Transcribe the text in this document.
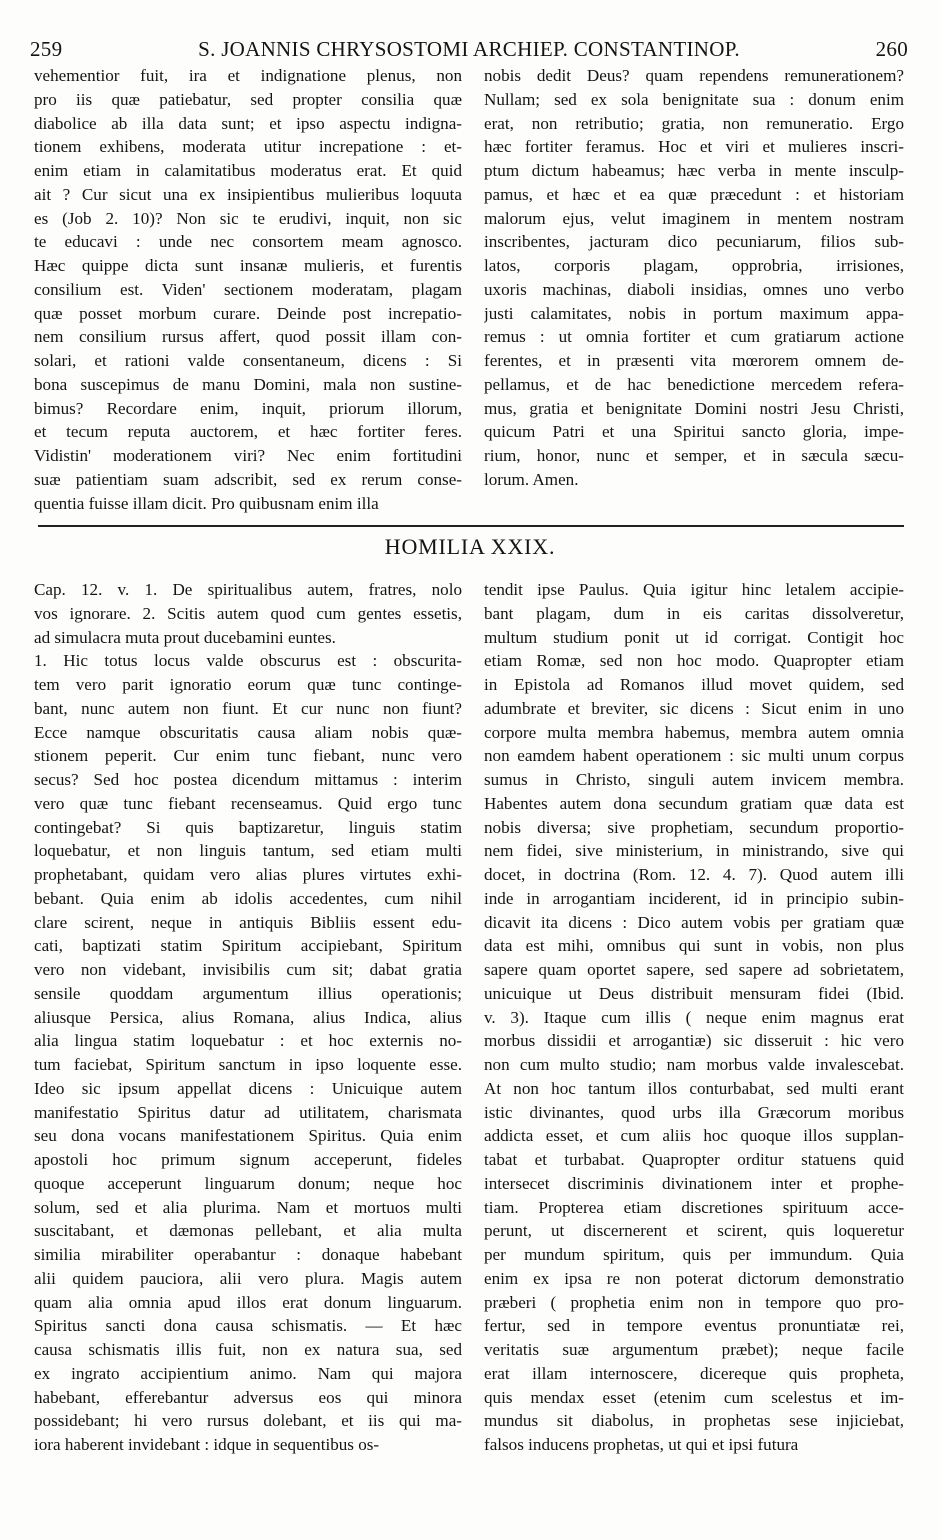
259	S. JOANNIS CHRYSOSTOMI ARCHIEP. CONSTANTINOP.	260
vehementior fuit, ira et indignatione plenus, non
pro iis quæ patiebatur, sed propter consilia quæ
diabolice ab illa data sunt; et ipso aspectu indigna-
tionem exhibens, moderata utitur increpatione : et-
enim etiam in calamitatibus moderatus erat. Et quid
ait ? Cur sicut una ex insipientibus mulieribus loquuta
es (Job 2. 10)? Non sic te erudivi, inquit, non sic
te educavi : unde nec consortem meam agnosco.
Hæc quippe dicta sunt insanæ mulieris, et furentis
consilium est. Viden' sectionem moderatam, plagam
quæ posset morbum curare. Deinde post increpatio-
nem consilium rursus affert, quod possit illam con-
solari, et rationi valde consentaneum, dicens : Si
bona suscepimus de manu Domini, mala non sustine-
bimus? Recordare enim, inquit, priorum illorum,
et tecum reputa auctorem, et hæc fortiter feres.
Vidistin' moderationem viri? Nec enim fortitudini
suæ patientiam suam adscribit, sed ex rerum conse-
quentia fuisse illam dicit. Pro quibusnam enim illa
nobis dedit Deus? quam rependens remunerationem?
Nullam; sed ex sola benignitate sua : donum enim
erat, non retributio; gratia, non remuneratio. Ergo
hæc fortiter feramus. Hoc et viri et mulieres inscri-
ptum dictum habeamus; hæc verba in mente insculp-
pamus, et hæc et ea quæ præcedunt : et historiam
malorum ejus, velut imaginem in mentem nostram
inscribentes, jacturam dico pecuniarum, filios sub-
latos, corporis plagam, opprobria, irrisiones,
uxoris machinas, diaboli insidias, omnes uno verbo
justi calamitates, nobis in portum maximum appa-
remus : ut omnia fortiter et cum gratiarum actione
ferentes, et in præsenti vita mœrorem omnem de-
pellamus, et de hac benedictione mercedem refera-
mus, gratia et benignitate Domini nostri Jesu Christi,
quicum Patri et una Spiritui sancto gloria, impe-
rium, honor, nunc et semper, et in sæcula sæcu-
lorum. Amen.
HOMILIA XXIX.
Cap. 12. v. 1. De spiritualibus autem, fratres, nolo
vos ignorare. 2. Scitis autem quod cum gentes essetis,
ad simulacra muta prout ducebamini euntes.
1. Hic totus locus valde obscurus est : obscurita-
tem vero parit ignoratio eorum quæ tunc continge-
bant, nunc autem non fiunt. Et cur nunc non fiunt?
Ecce namque obscuritatis causa aliam nobis quæ-
stionem peperit. Cur enim tunc fiebant, nunc vero
secus? Sed hoc postea dicendum mittamus : interim
vero quæ tunc fiebant recenseamus. Quid ergo tunc
contingebat? Si quis baptizaretur, linguis statim
loquebatur, et non linguis tantum, sed etiam multi
prophetabant, quidam vero alias plures virtutes exhi-
bebant. Quia enim ab idolis accedentes, cum nihil
clare scirent, neque in antiquis Bibliis essent edu-
cati, baptizati statim Spiritum accipiebant, Spiritum
vero non videbant, invisibilis cum sit; dabat gratia
sensile quoddam argumentum illius operationis;
aliusque Persica, alius Romana, alius Indica, alius
alia lingua statim loquebatur : et hoc externis no-
tum faciebat, Spiritum sanctum in ipso loquente esse.
Ideo sic ipsum appellat dicens : Unicuique autem
manifestatio Spiritus datur ad utilitatem, charismata
seu dona vocans manifestationem Spiritus. Quia enim
apostoli hoc primum signum acceperunt, fideles
quoque acceperunt linguarum donum; neque hoc
solum, sed et alia plurima. Nam et mortuos multi
suscitabant, et dæmonas pellebant, et alia multa
similia mirabiliter operabantur : donaque habebant
alii quidem pauciora, alii vero plura. Magis autem
quam alia omnia apud illos erat donum linguarum.
Spiritus sancti dona causa schismatis. — Et hæc
causa schismatis illis fuit, non ex natura sua, sed
ex ingrato accipientium animo. Nam qui majora
habebant, efferebantur adversus eos qui minora
possidebant; hi vero rursus dolebant, et iis qui ma-
iora haberent invidebant : idque in sequentibus os-
tendit ipse Paulus. Quia igitur hinc letalem accipie-
bant plagam, dum in eis caritas dissolveretur,
multum studium ponit ut id corrigat. Contigit hoc
etiam Romæ, sed non hoc modo. Quapropter etiam
in Epistola ad Romanos illud movet quidem, sed
adumbrate et breviter, sic dicens : Sicut enim in uno
corpore multa membra habemus, membra autem omnia
non eamdem habent operationem : sic multi unum corpus
sumus in Christo, singuli autem invicem membra.
Habentes autem dona secundum gratiam quæ data est
nobis diversa; sive prophetiam, secundum proportio-
nem fidei, sive ministerium, in ministrando, sive qui
docet, in doctrina (Rom. 12. 4. 7). Quod autem illi
inde in arrogantiam inciderent, id in principio subin-
dicavit ita dicens : Dico autem vobis per gratiam quæ
data est mihi, omnibus qui sunt in vobis, non plus
sapere quam oportet sapere, sed sapere ad sobrietatem,
unicuique ut Deus distribuit mensuram fidei (Ibid.
v. 3). Itaque cum illis ( neque enim magnus erat
morbus dissidii et arrogantiæ) sic disseruit : hic vero
non cum multo studio; nam morbus valde invalescebat.
At non hoc tantum illos conturbabat, sed multi erant
istic divinantes, quod urbs illa Græcorum moribus
addicta esset, et cum aliis hoc quoque illos supplan-
tabat et turbabat. Quapropter orditur statuens quid
intersecet discriminis divinationem inter et prophe-
tiam. Propterea etiam discretiones spirituum acce-
perunt, ut discernerent et scirent, quis loqueretur
per mundum spiritum, quis per immundum. Quia
enim ex ipsa re non poterat dictorum demonstratio
præberi ( prophetia enim non in tempore quo pro-
fertur, sed in tempore eventus pronuntiatæ rei,
veritatis suæ argumentum præbet); neque facile
erat illam internoscere, dicereque quis propheta,
quis mendax esset (etenim cum scelestus et im-
mundus sit diabolus, in prophetas sese injiciebat,
falsos inducens prophetas, ut qui et ipsi futura
